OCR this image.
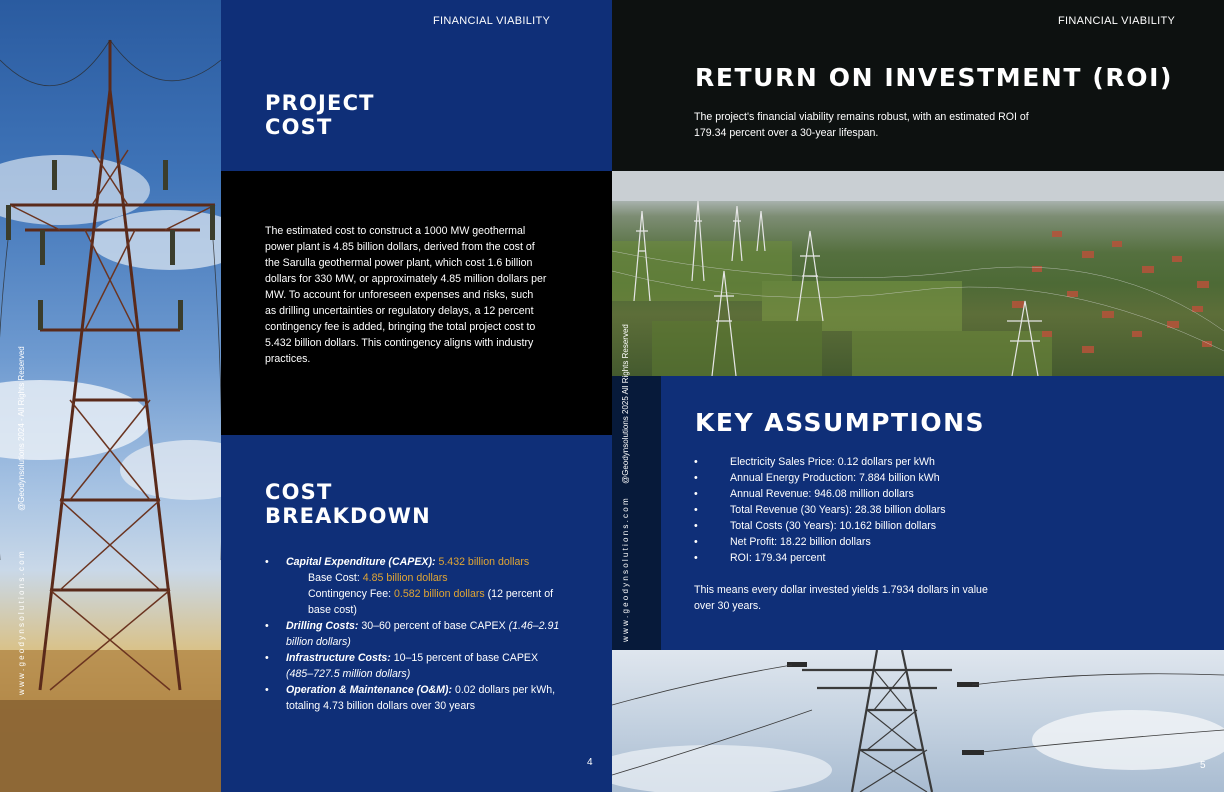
w w w . g e o d y n s o l u t i o n s . c o m  @Geodynsolutions 2024 - All Rights Reserved
FINANCIAL VIABILITY
PROJECT
COST

The estimated cost to construct a 1000 MW geothermal power plant is 4.85 billion dollars, derived from the cost of the Sarulla geothermal power plant, which cost 1.6 billion dollars for 330 MW, or approximately 4.85 million dollars per MW. To account for unforeseen expenses and risks, such as drilling uncertainties or regulatory delays, a 12 percent contingency fee is added, bringing the total project cost to 5.432 billion dollars. This contingency aligns with industry practices.

COST
BREAKDOWN
• Capital Expenditure (CAPEX): 5.432 billion dollars
Base Cost: 4.85 billion dollars
Contingency Fee: 0.582 billion dollars (12 percent of base cost)
• Drilling Costs: 30–60 percent of base CAPEX (1.46–2.91 billion dollars)
• Infrastructure Costs: 10–15 percent of base CAPEX (485–727.5 million dollars)
• Operation & Maintenance (O&M): 0.02 dollars per kWh, totaling 4.73 billion dollars over 30 years
4
FINANCIAL VIABILITY
RETURN ON INVESTMENT (ROI)

The project's financial viability remains robust, with an estimated ROI of 179.34 percent over a 30-year lifespan.

w w w . g e o d y n s o l u t i o n s . c o m  @Geodynsolutions 2025 All Rights Reserved	KEY ASSUMPTIONS
•	Electricity Sales Price: 0.12 dollars per kWh
•	Annual Energy Production: 7.884 billion kWh
•	Annual Revenue: 946.08 million dollars
•	Total Revenue (30 Years): 28.38 billion dollars
•	Total Costs (30 Years): 10.162 billion dollars
•	Net Profit: 18.22 billion dollars
•	ROI: 179.34 percent

This means every dollar invested yields 1.7934 dollars in value over 30 years.

5
